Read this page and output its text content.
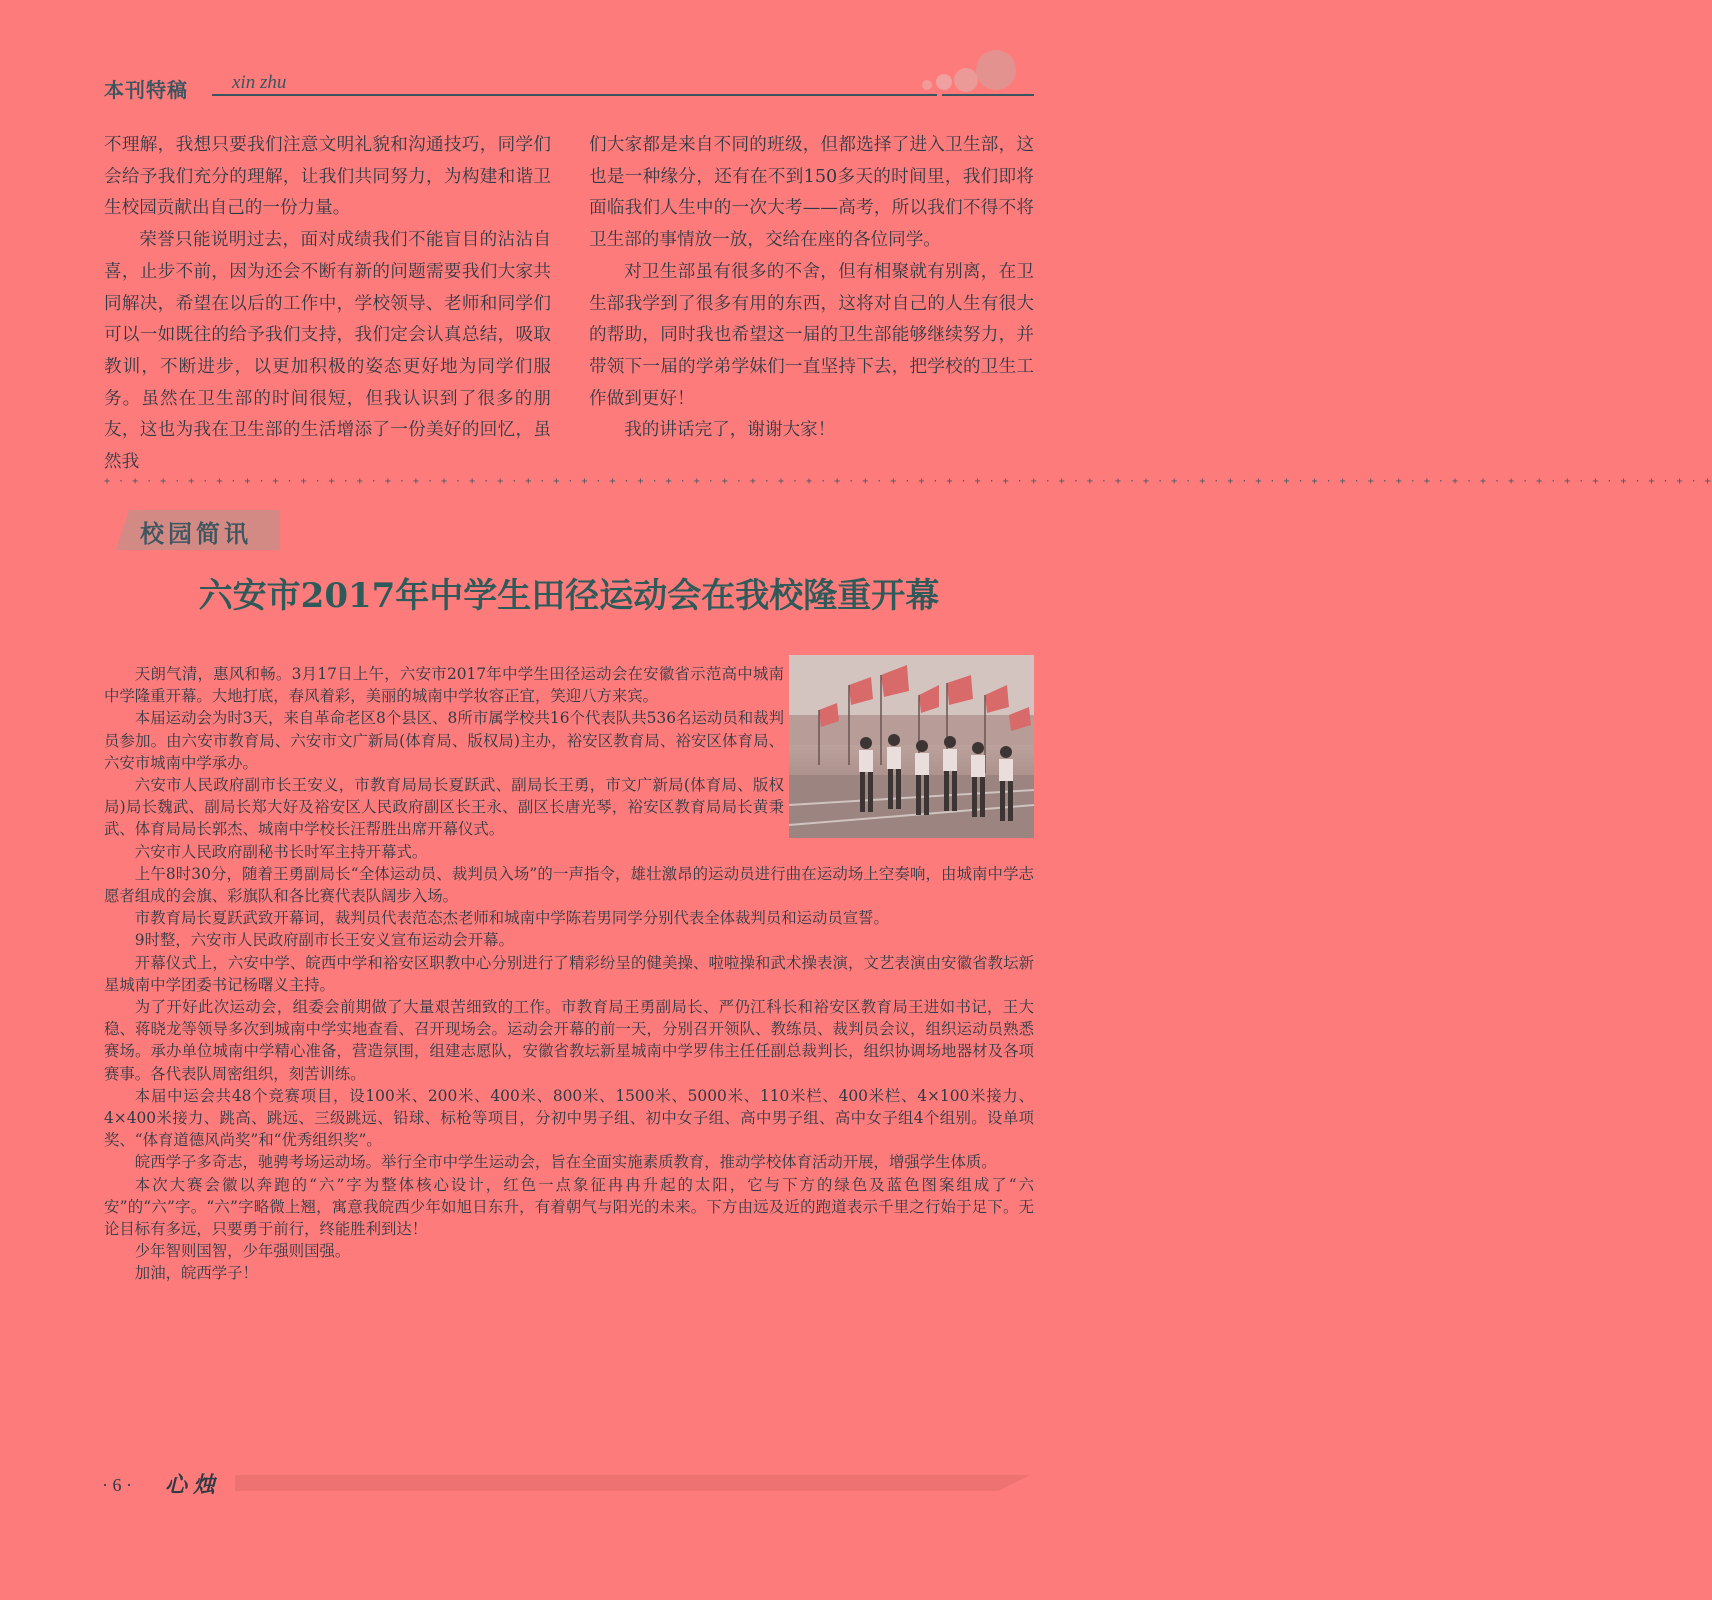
本刊特稿 xin zhu

不理解，我想只要我们注意文明礼貌和沟通技巧，同学们会给予我们充分的理解，让我们共同努力，为构建和谐卫生校园贡献出自己的一份力量。

荣誉只能说明过去，面对成绩我们不能盲目的沾沾自喜，止步不前，因为还会不断有新的问题需要我们大家共同解决，希望在以后的工作中，学校领导、老师和同学们可以一如既往的给予我们支持，我们定会认真总结，吸取教训，不断进步，以更加积极的姿态更好地为同学们服务。虽然在卫生部的时间很短，但我认识到了很多的朋友，这也为我在卫生部的生活增添了一份美好的回忆，虽然我

们大家都是来自不同的班级，但都选择了进入卫生部，这也是一种缘分，还有在不到150多天的时间里，我们即将面临我们人生中的一次大考——高考，所以我们不得不将卫生部的事情放一放，交给在座的各位同学。

对卫生部虽有很多的不舍，但有相聚就有别离，在卫生部我学到了很多有用的东西，这将对自己的人生有很大的帮助，同时我也希望这一届的卫生部能够继续努力，并带领下一届的学弟学妹们一直坚持下去，把学校的卫生工作做到更好！

我的讲话完了，谢谢大家！

+ · + · + · + · + · + · + · + · + · + · + · + · + · + · + · + · + · + · + · + · + · + · + · + · + · + · + · + · + · + · + · + · + · + · + · + · + · + · + · + · + · + · + · + · + · + · + · + · + · + · + · + · + · + · + · + · + · +
校园简讯
六安市2017年中学生田径运动会在我校隆重开幕

天朗气清，惠风和畅。3月17日上午，六安市2017年中学生田径运动会在安徽省示范高中城南中学隆重开幕。大地打底，春风着彩，美丽的城南中学妆容正宜，笑迎八方来宾。

本届运动会为时3天，来自革命老区8个县区、8所市属学校共16个代表队共536名运动员和裁判员参加。由六安市教育局、六安市文广新局(体育局、版权局)主办，裕安区教育局、裕安区体育局、六安市城南中学承办。

六安市人民政府副市长王安义，市教育局局长夏跃武、副局长王勇，市文广新局(体育局、版权局)局长魏武、副局长郑大好及裕安区人民政府副区长王永、副区长唐光琴，裕安区教育局局长黄秉武、体育局局长郭杰、城南中学校长汪帮胜出席开幕仪式。

六安市人民政府副秘书长时军主持开幕式。

上午8时30分，随着王勇副局长“全体运动员、裁判员入场”的一声指令，雄壮激昂的运动员进行曲在运动场上空奏响，由城南中学志愿者组成的会旗、彩旗队和各比赛代表队阔步入场。

市教育局长夏跃武致开幕词，裁判员代表范态杰老师和城南中学陈若男同学分别代表全体裁判员和运动员宣誓。

9时整，六安市人民政府副市长王安义宣布运动会开幕。

开幕仪式上，六安中学、皖西中学和裕安区职教中心分别进行了精彩纷呈的健美操、啦啦操和武术操表演，文艺表演由安徽省教坛新星城南中学团委书记杨曙义主持。

为了开好此次运动会，组委会前期做了大量艰苦细致的工作。市教育局王勇副局长、严仍江科长和裕安区教育局王进如书记，王大稳、蒋晓龙等领导多次到城南中学实地查看、召开现场会。运动会开幕的前一天，分别召开领队、教练员、裁判员会议，组织运动员熟悉赛场。承办单位城南中学精心准备，营造氛围，组建志愿队，安徽省教坛新星城南中学罗伟主任任副总裁判长，组织协调场地器材及各项赛事。各代表队周密组织，刻苦训练。

本届中运会共48个竞赛项目，设100米、200米、400米、800米、1500米、5000米、110米栏、400米栏、4×100米接力、4×400米接力、跳高、跳远、三级跳远、铅球、标枪等项目，分初中男子组、初中女子组、高中男子组、高中女子组4个组别。设单项奖、“体育道德风尚奖”和“优秀组织奖”。

皖西学子多奇志，驰骋考场运动场。举行全市中学生运动会，旨在全面实施素质教育，推动学校体育活动开展，增强学生体质。

本次大赛会徽以奔跑的“六”字为整体核心设计，红色一点象征冉冉升起的太阳，它与下方的绿色及蓝色图案组成了“六安”的“六”字。“六”字略微上翘，寓意我皖西少年如旭日东升，有着朝气与阳光的未来。下方由远及近的跑道表示千里之行始于足下。无论目标有多远，只要勇于前行，终能胜利到达！

少年智则国智，少年强则国强。

加油，皖西学子！

· 6 · 心烛
